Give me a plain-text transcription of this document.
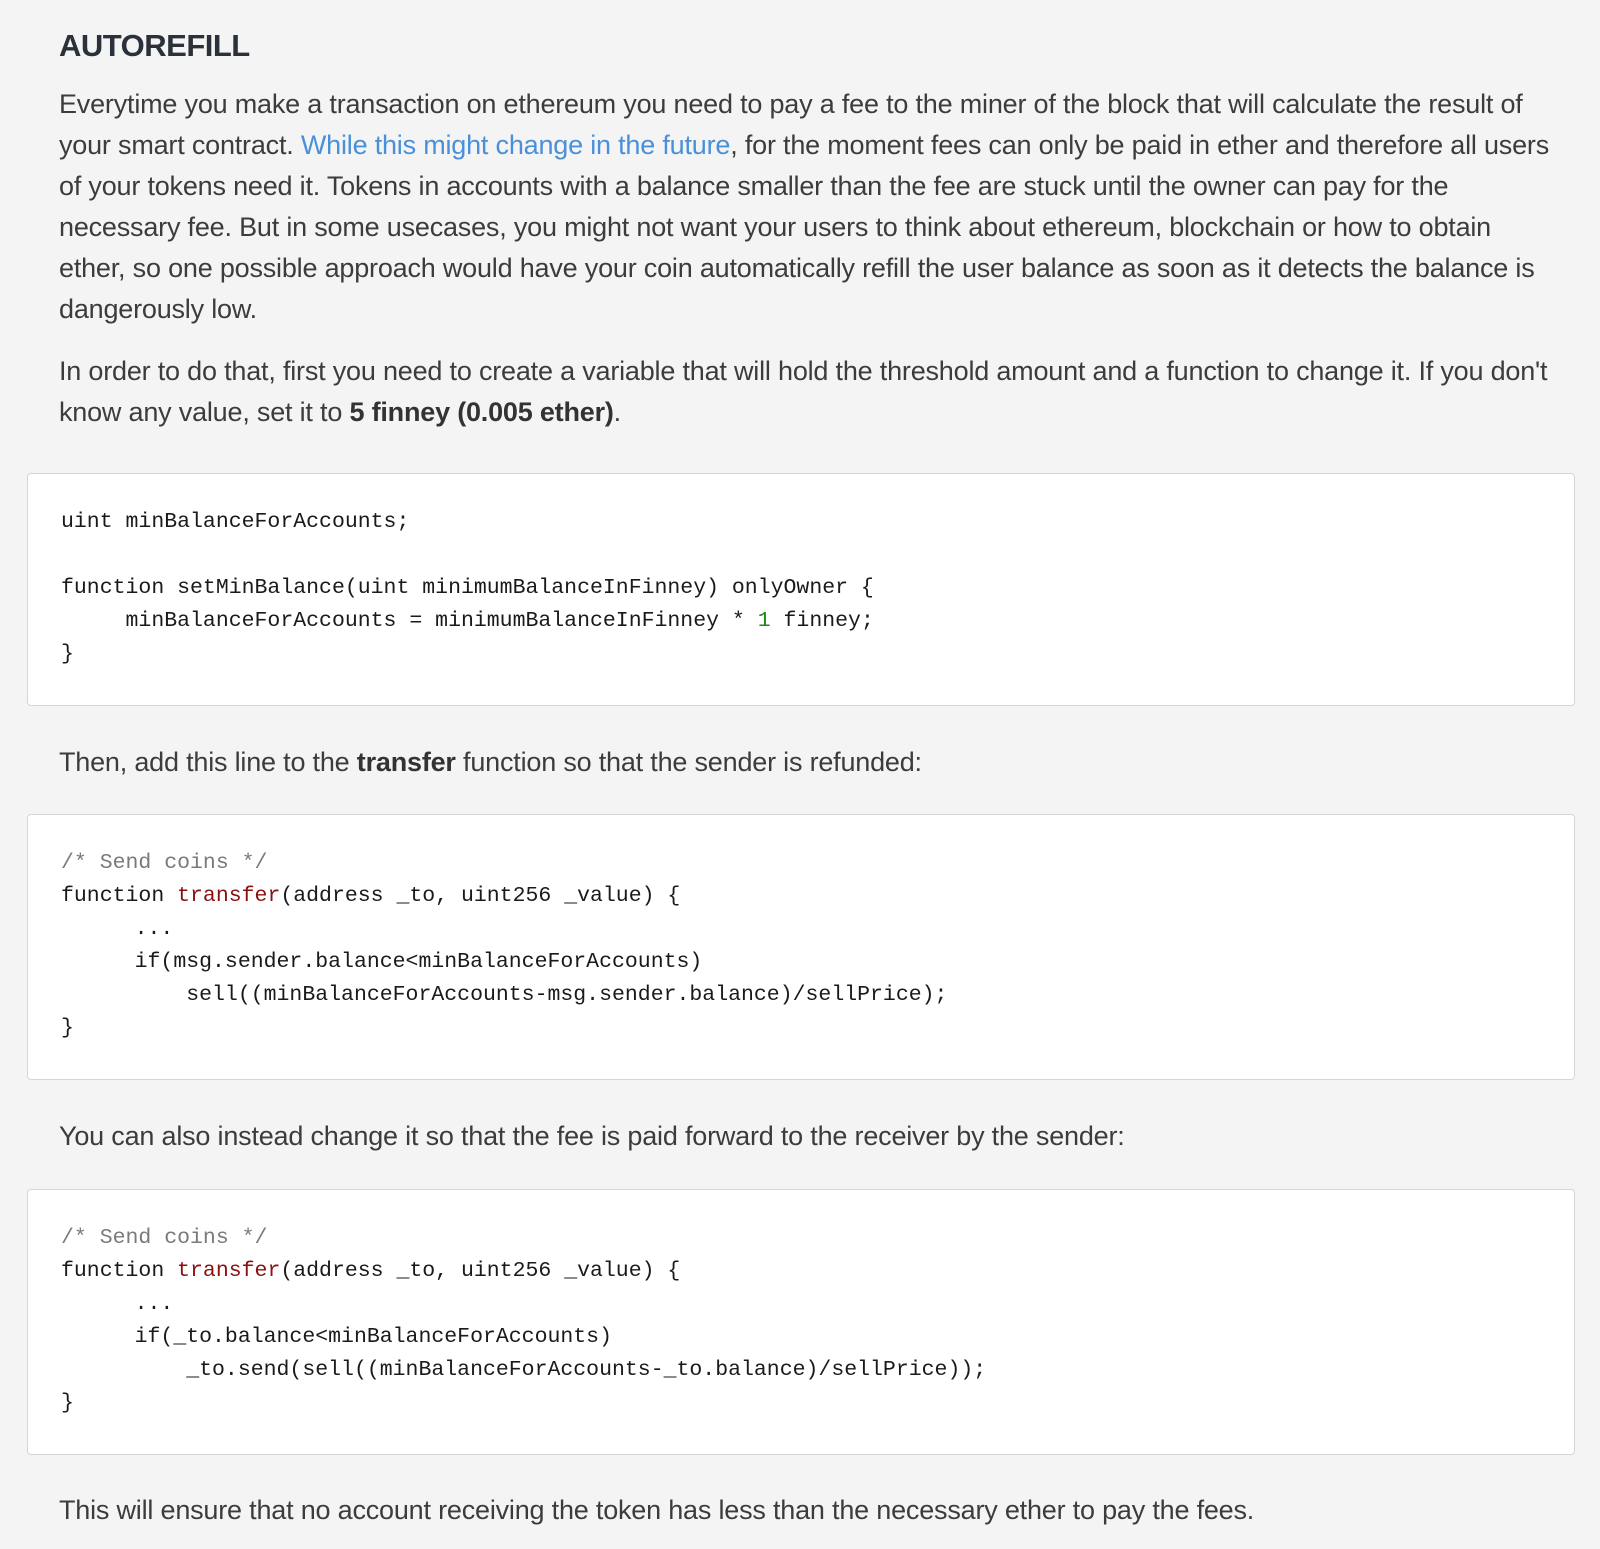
AUTOREFILL

Everytime you make a transaction on ethereum you need to pay a fee to the miner of the block that will calculate the result of your smart contract. While this might change in the future, for the moment fees can only be paid in ether and therefore all users of your tokens need it. Tokens in accounts with a balance smaller than the fee are stuck until the owner can pay for the necessary fee. But in some usecases, you might not want your users to think about ethereum, blockchain or how to obtain ether, so one possible approach would have your coin automatically refill the user balance as soon as it detects the balance is dangerously low.

In order to do that, first you need to create a variable that will hold the threshold amount and a function to change it. If you don't know any value, set it to 5 finney (0.005 ether).

uint minBalanceForAccounts;
function setMinBalance(uint minimumBalanceInFinney) onlyOwner {
minBalanceForAccounts = minimumBalanceInFinney * 1 finney;
}

Then, add this line to the transfer function so that the sender is refunded:

/* Send coins */
function transfer(address _to, uint256 _value) {
...
if(msg.sender.balance<minBalanceForAccounts)
sell((minBalanceForAccounts-msg.sender.balance)/sellPrice);
}

You can also instead change it so that the fee is paid forward to the receiver by the sender:

/* Send coins */
function transfer(address _to, uint256 _value) {
...
if(_to.balance<minBalanceForAccounts)
_to.send(sell((minBalanceForAccounts-_to.balance)/sellPrice));
}

This will ensure that no account receiving the token has less than the necessary ether to pay the fees.
